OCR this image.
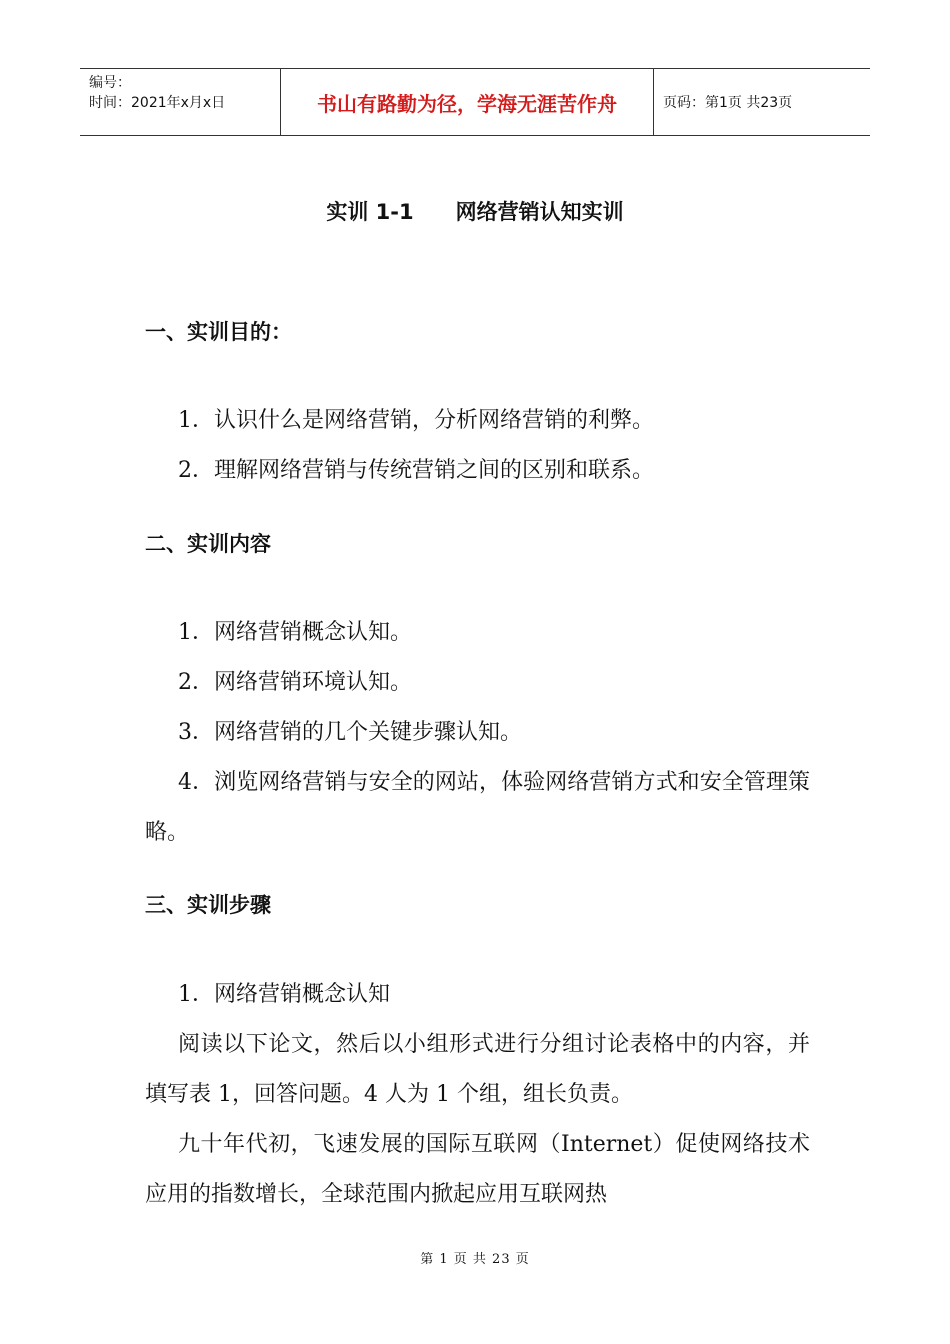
编号：
时间：2021年x月x日	书山有路勤为径，学海无涯苦作舟	页码：第1页 共23页
实训 1-1 网络营销认知实训
一、实训目的：
1．认识什么是网络营销，分析网络营销的利弊。
2．理解网络营销与传统营销之间的区别和联系。
二、实训内容
1．网络营销概念认知。
2．网络营销环境认知。
3．网络营销的几个关键步骤认知。
4．浏览网络营销与安全的网站，体验网络营销方式和安全管理策略。
三、实训步骤
1．网络营销概念认知
阅读以下论文，然后以小组形式进行分组讨论表格中的内容，并填写表 1，回答问题。4 人为 1 个组，组长负责。
九十年代初，飞速发展的国际互联网（Internet）促使网络技术应用的指数增长，全球范围内掀起应用互联网热
第 1 页 共 23 页
